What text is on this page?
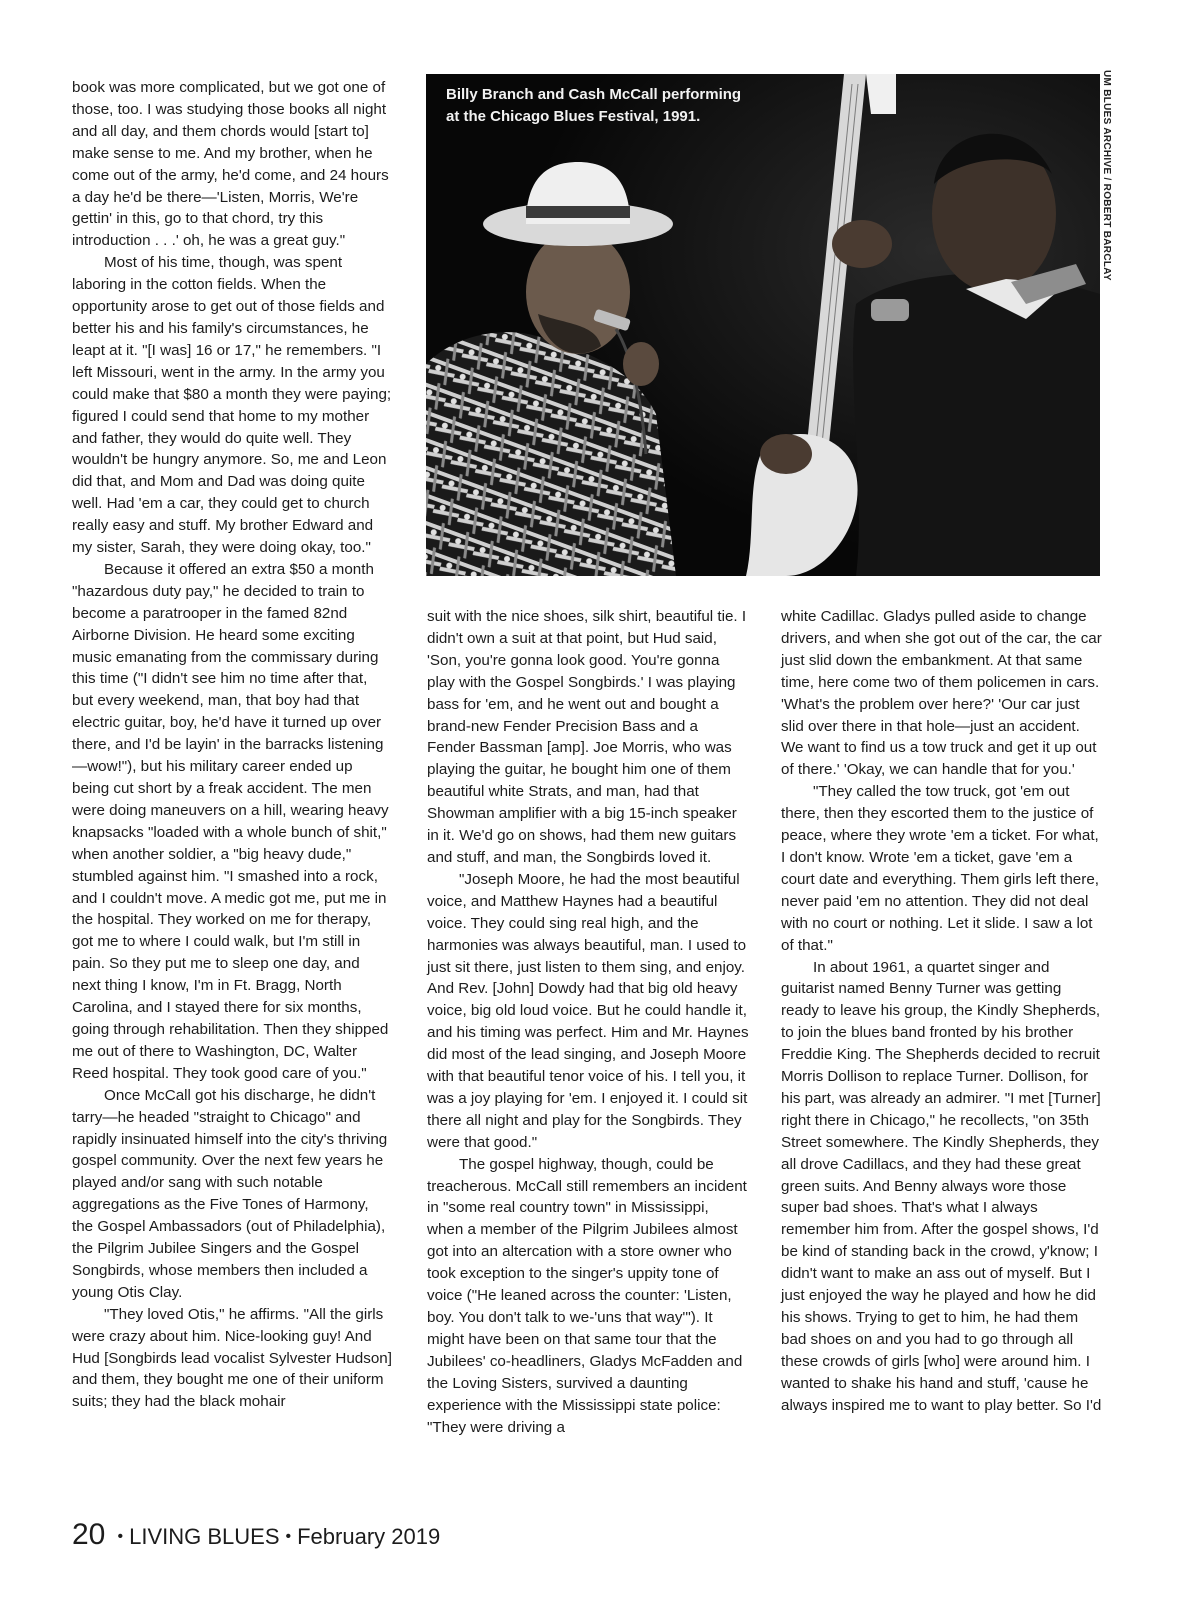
book was more complicated, but we got one of those, too. I was studying those books all night and all day, and them chords would [start to] make sense to me. And my brother, when he come out of the army, he'd come, and 24 hours a day he'd be there—'Listen, Morris, We're gettin' in this, go to that chord, try this introduction . . .' oh, he was a great guy."

Most of his time, though, was spent laboring in the cotton fields. When the opportunity arose to get out of those fields and better his and his family's circumstances, he leapt at it. "[I was] 16 or 17," he remembers. "I left Missouri, went in the army. In the army you could make that $80 a month they were paying; figured I could send that home to my mother and father, they would do quite well. They wouldn't be hungry anymore. So, me and Leon did that, and Mom and Dad was doing quite well. Had 'em a car, they could get to church really easy and stuff. My brother Edward and my sister, Sarah, they were doing okay, too."

Because it offered an extra $50 a month "hazardous duty pay," he decided to train to become a paratrooper in the famed 82nd Airborne Division. He heard some exciting music emanating from the commissary during this time ("I didn't see him no time after that, but every weekend, man, that boy had that electric guitar, boy, he'd have it turned up over there, and I'd be layin' in the barracks listening—wow!"), but his military career ended up being cut short by a freak accident. The men were doing maneuvers on a hill, wearing heavy knapsacks "loaded with a whole bunch of shit," when another soldier, a "big heavy dude," stumbled against him. "I smashed into a rock, and I couldn't move. A medic got me, put me in the hospital. They worked on me for therapy, got me to where I could walk, but I'm still in pain. So they put me to sleep one day, and next thing I know, I'm in Ft. Bragg, North Carolina, and I stayed there for six months, going through rehabilitation. Then they shipped me out of there to Washington, DC, Walter Reed hospital. They took good care of you."

Once McCall got his discharge, he didn't tarry—he headed "straight to Chicago" and rapidly insinuated himself into the city's thriving gospel community. Over the next few years he played and/or sang with such notable aggregations as the Five Tones of Harmony, the Gospel Ambassadors (out of Philadelphia), the Pilgrim Jubilee Singers and the Gospel Songbirds, whose members then included a young Otis Clay.

"They loved Otis," he affirms. "All the girls were crazy about him. Nice-looking guy! And Hud [Songbirds lead vocalist Sylvester Hudson] and them, they bought me one of their uniform suits; they had the black mohair

Billy Branch and Cash McCall performing at the Chicago Blues Festival, 1991.	UM BLUES ARCHIVE / ROBERT BARCLAY

suit with the nice shoes, silk shirt, beautiful tie. I didn't own a suit at that point, but Hud said, 'Son, you're gonna look good. You're gonna play with the Gospel Songbirds.' I was playing bass for 'em, and he went out and bought a brand-new Fender Precision Bass and a Fender Bassman [amp]. Joe Morris, who was playing the guitar, he bought him one of them beautiful white Strats, and man, had that Showman amplifier with a big 15-inch speaker in it. We'd go on shows, had them new guitars and stuff, and man, the Songbirds loved it.

"Joseph Moore, he had the most beautiful voice, and Matthew Haynes had a beautiful voice. They could sing real high, and the harmonies was always beautiful, man. I used to just sit there, just listen to them sing, and enjoy. And Rev. [John] Dowdy had that big old heavy voice, big old loud voice. But he could handle it, and his timing was perfect. Him and Mr. Haynes did most of the lead singing, and Joseph Moore with that beautiful tenor voice of his. I tell you, it was a joy playing for 'em. I enjoyed it. I could sit there all night and play for the Songbirds. They were that good."

The gospel highway, though, could be treacherous. McCall still remembers an incident in "some real country town" in Mississippi, when a member of the Pilgrim Jubilees almost got into an altercation with a store owner who took exception to the singer's uppity tone of voice ("He leaned across the counter: 'Listen, boy. You don't talk to we-'uns that way'"). It might have been on that same tour that the Jubilees' co-headliners, Gladys McFadden and the Loving Sisters, survived a daunting experience with the Mississippi state police: "They were driving a

white Cadillac. Gladys pulled aside to change drivers, and when she got out of the car, the car just slid down the embankment. At that same time, here come two of them policemen in cars. 'What's the problem over here?' 'Our car just slid over there in that hole—just an accident. We want to find us a tow truck and get it up out of there.' 'Okay, we can handle that for you.'

"They called the tow truck, got 'em out there, then they escorted them to the justice of peace, where they wrote 'em a ticket. For what, I don't know. Wrote 'em a ticket, gave 'em a court date and everything. Them girls left there, never paid 'em no attention. They did not deal with no court or nothing. Let it slide. I saw a lot of that."

In about 1961, a quartet singer and guitarist named Benny Turner was getting ready to leave his group, the Kindly Shepherds, to join the blues band fronted by his brother Freddie King. The Shepherds decided to recruit Morris Dollison to replace Turner. Dollison, for his part, was already an admirer. "I met [Turner] right there in Chicago," he recollects, "on 35th Street somewhere. The Kindly Shepherds, they all drove Cadillacs, and they had these great green suits. And Benny always wore those super bad shoes. That's what I always remember him from. After the gospel shows, I'd be kind of standing back in the crowd, y'know; I didn't want to make an ass out of myself. But I just enjoyed the way he played and how he did his shows. Trying to get to him, he had them bad shoes on and you had to go through all these crowds of girls [who] were around him. I wanted to shake his hand and stuff, 'cause he always inspired me to want to play better. So I'd

20 • LIVING BLUES • February 2019
